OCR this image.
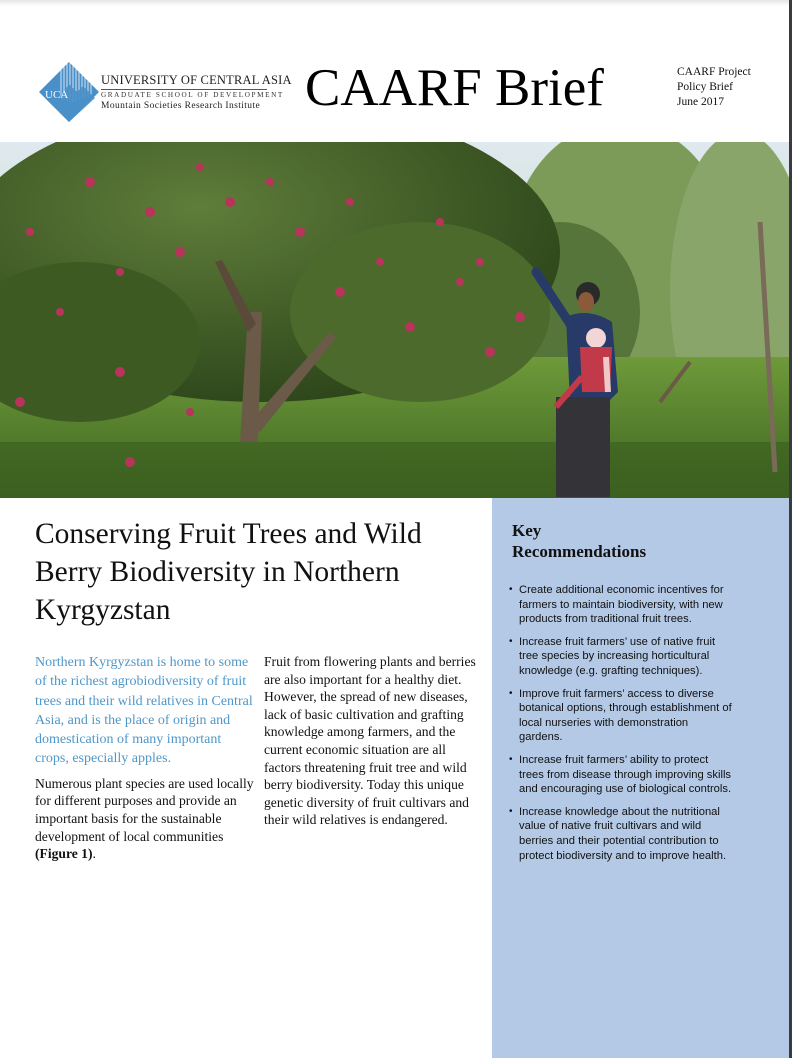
UCA
UNIVERSITY OF CENTRAL ASIA
GRADUATE SCHOOL OF DEVELOPMENT
Mountain Societies Research Institute CAARF Brief	CAARF Project
Policy Brief
June 2017
Key
Recommendations
• Create additional economic incentives for farmers to maintain biodiversity, with new products from traditional fruit trees.
• Increase fruit farmers’ use of native fruit tree species by increasing horticultural knowledge (e.g. grafting techniques).
• Improve fruit farmers’ access to diverse botanical options, through establishment of local nurseries with demonstration gardens.
• Increase fruit farmers’ ability to protect trees from disease through improving skills and encouraging use of biological controls.
• Increase knowledge about the nutritional value of native fruit cultivars and wild berries and their potential contribution to protect biodiversity and to improve health.
Conserving Fruit Trees and Wild Berry Biodiversity in Northern Kyrgyzstan

Northern Kyrgyzstan is home to some of the richest agrobiodiversity of fruit trees and their wild relatives in Central Asia, and is the place of origin and domestication of many important crops, especially apples.

Numerous plant species are used locally for different purposes and provide an important basis for the sustainable development of local communities (Figure 1).

Fruit from flowering plants and berries are also important for a healthy diet. However, the spread of new diseases, lack of basic cultivation and grafting knowledge among farmers, and the current economic situation are all factors threatening fruit tree and wild berry biodiversity. Today this unique genetic diversity of fruit cultivars and their wild relatives is endangered.
